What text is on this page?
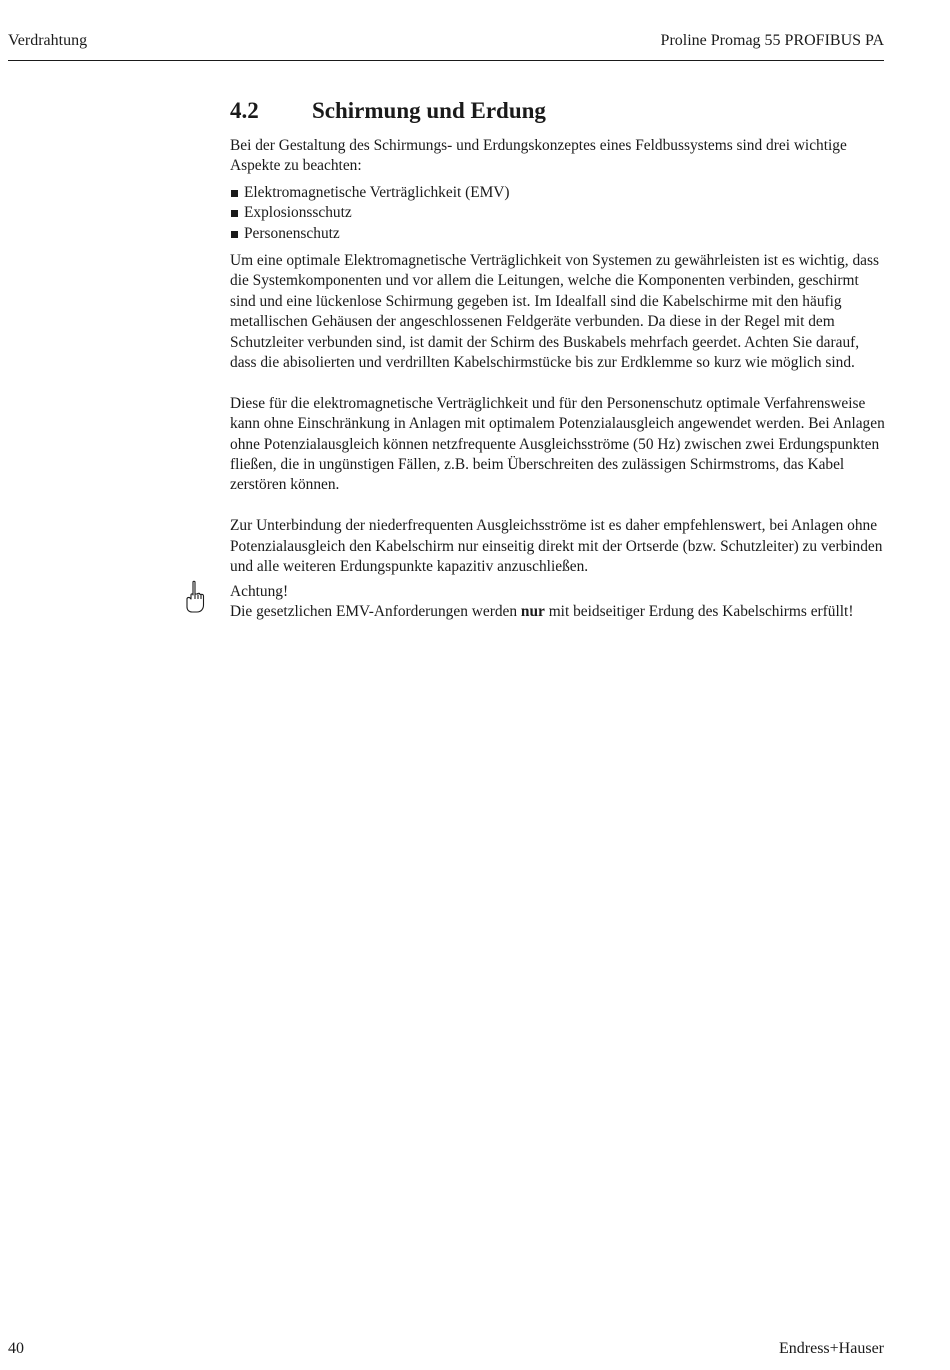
Verdrahtung	Proline Promag 55 PROFIBUS PA
4.2 Schirmung und Erdung

Bei der Gestaltung des Schirmungs- und Erdungskonzeptes eines Feldbussystems sind drei wichtige Aspekte zu beachten:

Elektromagnetische Verträglichkeit (EMV)
Explosionsschutz
Personenschutz

Um eine optimale Elektromagnetische Verträglichkeit von Systemen zu gewährleisten ist es wichtig, dass die Systemkomponenten und vor allem die Leitungen, welche die Komponenten verbinden, geschirmt sind und eine lückenlose Schirmung gegeben ist. Im Idealfall sind die Kabelschirme mit den häufig metallischen Gehäusen der angeschlossenen Feldgeräte verbunden. Da diese in der Regel mit dem Schutzleiter verbunden sind, ist damit der Schirm des Buskabels mehrfach geerdet. Achten Sie darauf, dass die abisolierten und verdrillten Kabelschirmstücke bis zur Erdklemme so kurz wie möglich sind.

Diese für die elektromagnetische Verträglichkeit und für den Personenschutz optimale Verfahrensweise kann ohne Einschränkung in Anlagen mit optimalem Potenzialausgleich angewendet werden. Bei Anlagen ohne Potenzialausgleich können netzfrequente Ausgleichsströme (50 Hz) zwischen zwei Erdungspunkten fließen, die in ungünstigen Fällen, z.B. beim Überschreiten des zulässigen Schirmstroms, das Kabel zerstören können.

Zur Unterbindung der niederfrequenten Ausgleichsströme ist es daher empfehlenswert, bei Anlagen ohne Potenzialausgleich den Kabelschirm nur einseitig direkt mit der Ortserde (bzw. Schutzleiter) zu verbinden und alle weiteren Erdungspunkte kapazitiv anzuschließen.

Achtung!

Die gesetzlichen EMV-Anforderungen werden nur mit beidseitiger Erdung des Kabelschirms erfüllt!

40	Endress+Hauser
